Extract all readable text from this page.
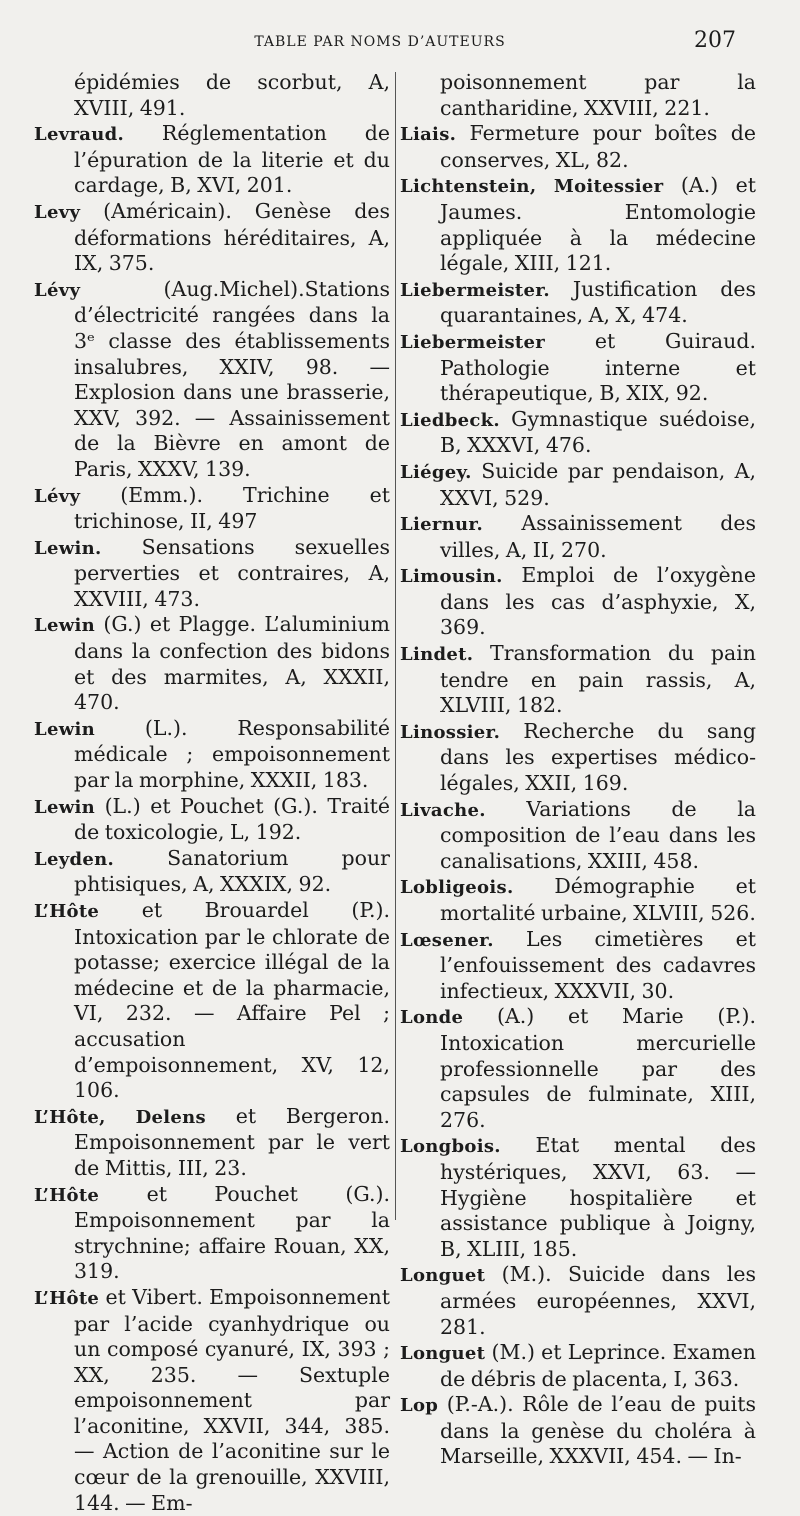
TABLE PAR NOMS D’AUTEURS	207

épidémies de scorbut, A, XVIII, 491.

Levraud. Réglementation de l’épuration de la literie et du cardage, B, XVI, 201.

Levy (Américain). Genèse des déformations héréditaires, A, IX, 375.

Lévy	(Aug.Michel).Stations d’électricité rangées dans la 3ᵉ classe des établissements insalubres, XXIV, 98. — Explosion dans une brasserie, XXV, 392. — Assainissement de la Bièvre en amont de Paris, XXXV, 139.

Lévy (Emm.). Trichine et trichinose, II, 497

Lewin. Sensations sexuelles perverties et contraires, A, XXVIII, 473.

Lewin (G.) et Plagge. L’aluminium dans la confection des bidons et des marmites, A, XXXII, 470.

Lewin (L.). Responsabilité médicale ; empoisonnement par la morphine, XXXII, 183.

Lewin (L.) et Pouchet (G.). Traité de toxicologie, L, 192.

Leyden.	Sanatorium pour phtisiques, A, XXXIX, 92.

L’Hôte et Brouardel (P.). Intoxication par le chlorate de potasse; exercice illégal de la médecine et de la pharmacie, VI, 232. — Affaire Pel ; accusation d’empoisonnement, XV, 12, 106.

L’Hôte, Delens et Bergeron. Empoisonnement par le vert de Mittis, III, 23.

L’Hôte et Pouchet (G.). Empoisonnement par la strychnine; affaire Rouan, XX, 319.

L’Hôte et Vibert. Empoisonnement par l’acide cyanhydrique ou un composé cyanuré, IX, 393 ; XX, 235. — Sextuple empoisonnement par l’aconitine, XXVII, 344, 385. — Action de l’aconitine sur le cœur de la grenouille, XXVIII, 144. — Em-

poisonnement par la cantharidine, XXVIII, 221.

Liais. Fermeture pour boîtes de conserves, XL, 82.

Lichtenstein, Moitessier (A.) et Jaumes. Entomologie appliquée à la médecine légale, XIII, 121.

Liebermeister. Justification des quarantaines, A, X, 474.

Liebermeister et Guiraud. Pathologie interne et thérapeutique, B, XIX, 92.

Liedbeck. Gymnastique suédoise, B, XXXVI, 476.

Liégey. Suicide par pendaison, A, XXVI, 529.

Liernur. Assainissement des villes, A, II, 270.

Limousin. Emploi de l’oxygène dans les cas d’asphyxie, X, 369.

Lindet. Transformation du pain tendre en pain rassis, A, XLVIII, 182.

Linossier. Recherche du sang dans les expertises médico-légales, XXII, 169.

Livache. Variations de la composition de l’eau dans les canalisations, XXIII, 458.

Lobligeois. Démographie et mortalité urbaine, XLVIII, 526.

Lœsener. Les cimetières et l’enfouissement des cadavres infectieux, XXXVII, 30.

Londe (A.) et Marie (P.). Intoxication mercurielle professionnelle par des capsules de fulminate, XIII, 276.

Longbois. Etat mental des hystériques, XXVI, 63. — Hygiène hospitalière et assistance publique à Joigny, B, XLIII, 185.

Longuet (M.). Suicide dans les armées européennes, XXVI, 281.

Longuet (M.) et Leprince. Examen de débris de placenta, I, 363.

Lop (P.-A.). Rôle de l’eau de puits dans la genèse du choléra à Marseille, XXXVII, 454. — In-
